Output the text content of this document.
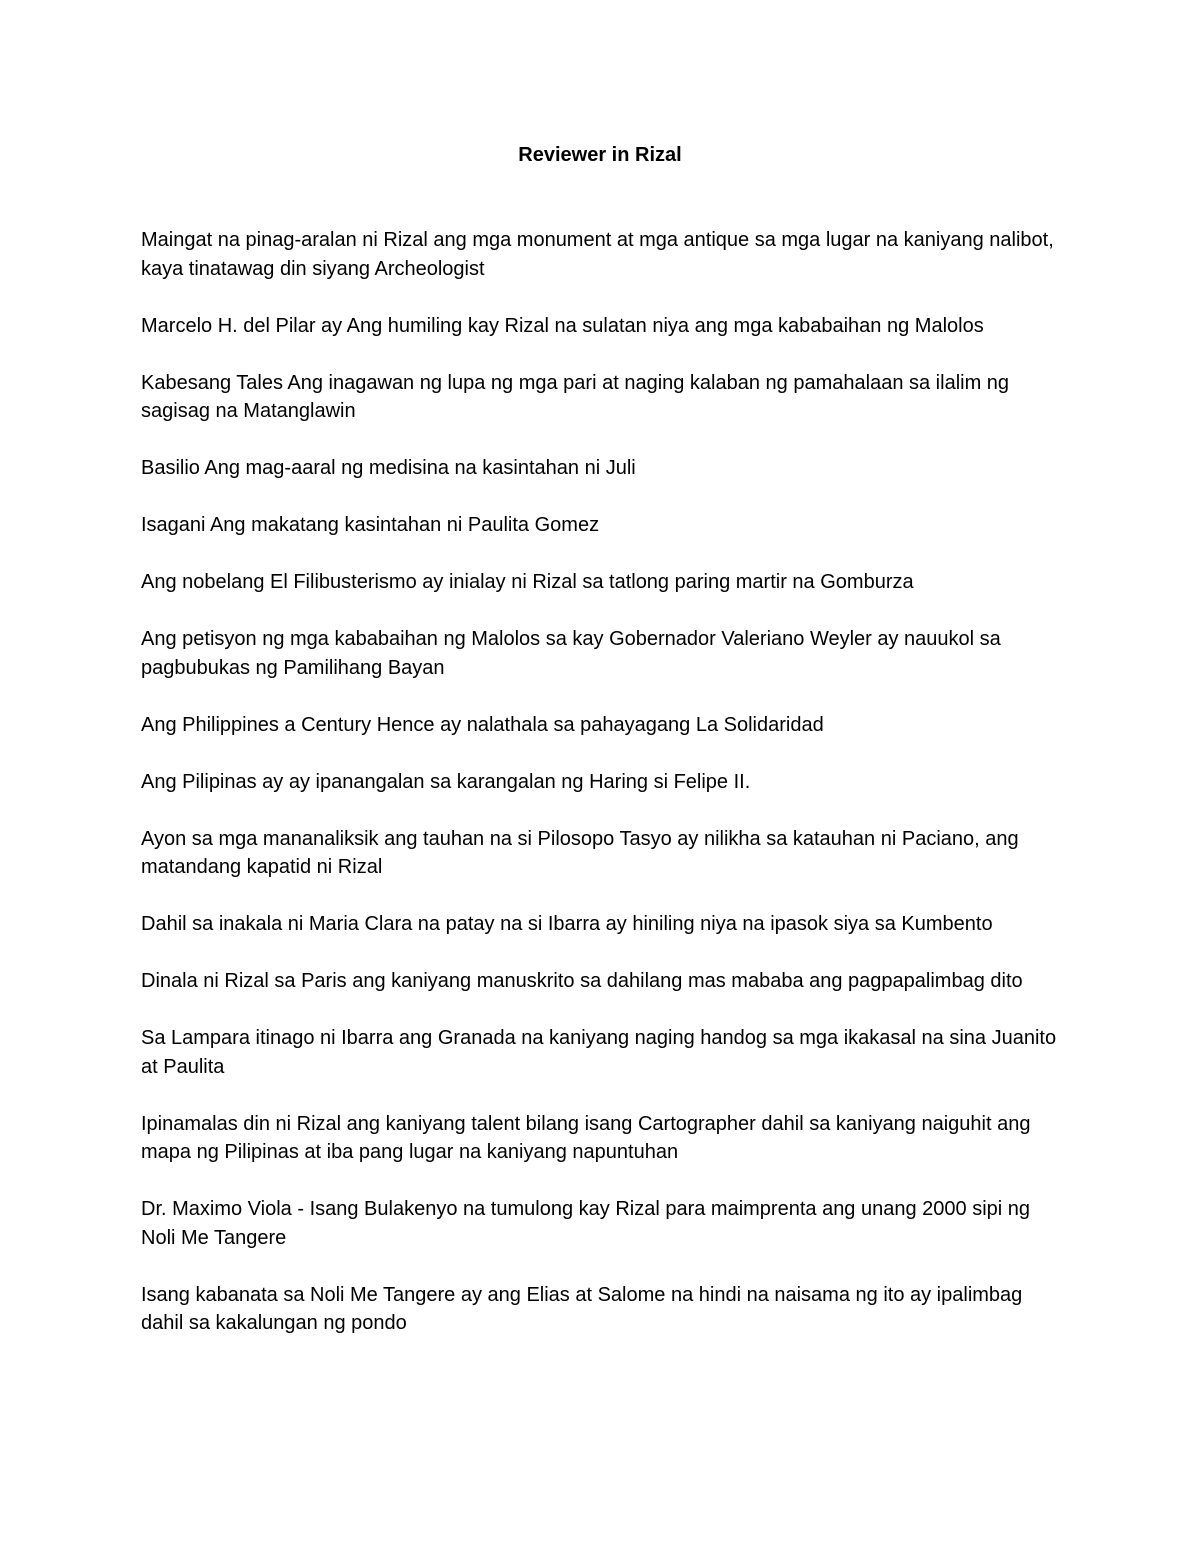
Reviewer in Rizal

Maingat na pinag-aralan ni Rizal ang mga monument at mga antique sa mga lugar na kaniyang nalibot, kaya tinatawag din siyang Archeologist

Marcelo H. del Pilar ay Ang humiling kay Rizal na sulatan niya ang mga kababaihan ng Malolos

Kabesang Tales Ang inagawan ng lupa ng mga pari at naging kalaban ng pamahalaan sa ilalim ng sagisag na Matanglawin

Basilio Ang mag-aaral ng medisina na kasintahan ni Juli

Isagani Ang makatang kasintahan ni Paulita Gomez

Ang nobelang El Filibusterismo ay inialay ni Rizal sa tatlong paring martir na Gomburza

Ang petisyon ng mga kababaihan ng Malolos sa kay Gobernador Valeriano Weyler ay nauukol sa pagbubukas ng Pamilihang Bayan

Ang Philippines a Century Hence ay nalathala sa pahayagang La Solidaridad

Ang Pilipinas ay ay ipanangalan sa karangalan ng Haring si Felipe II.

Ayon sa mga mananaliksik ang tauhan na si Pilosopo Tasyo ay nilikha sa katauhan ni Paciano, ang matandang kapatid ni Rizal

Dahil sa inakala ni Maria Clara na patay na si Ibarra ay hiniling niya na ipasok siya sa Kumbento

Dinala ni Rizal sa Paris ang kaniyang manuskrito sa dahilang mas mababa ang pagpapalimbag dito

Sa Lampara itinago ni Ibarra ang Granada na kaniyang naging handog sa mga ikakasal na sina Juanito at Paulita

Ipinamalas din ni Rizal ang kaniyang talent bilang isang Cartographer dahil sa kaniyang naiguhit ang mapa ng Pilipinas at iba pang lugar na kaniyang napuntuhan

Dr. Maximo Viola - Isang Bulakenyo na tumulong kay Rizal para maimprenta ang unang 2000 sipi ng Noli Me Tangere

Isang kabanata sa Noli Me Tangere ay ang Elias at Salome na hindi na naisama ng ito ay ipalimbag dahil sa kakalungan ng pondo
